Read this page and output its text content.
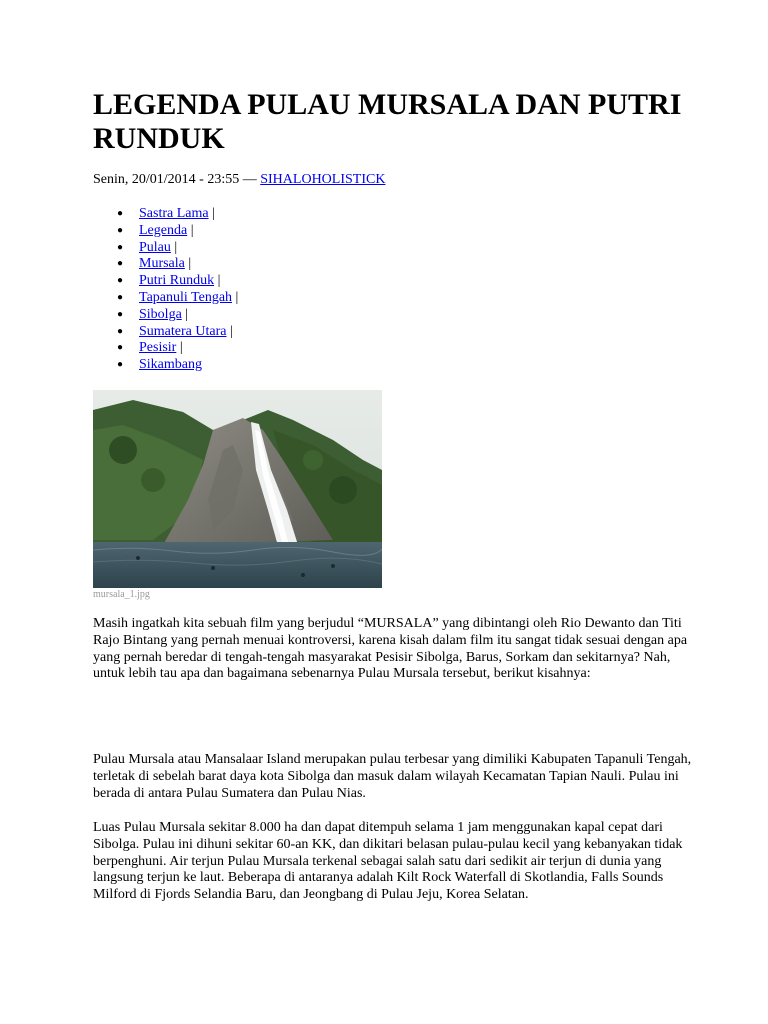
LEGENDA PULAU MURSALA DAN PUTRI RUNDUK
Senin, 20/01/2014 - 23:55 — SIHALOHOLISTICK
● Sastra Lama |
● Legenda |
● Pulau |
● Mursala |
● Putri Runduk |
● Tapanuli Tengah |
● Sibolga |
● Sumatera Utara |
● Pesisir |
● Sikambang
mursala_1.jpg

Masih ingatkah kita sebuah film yang berjudul “MURSALA” yang dibintangi oleh Rio Dewanto dan Titi Rajo Bintang yang pernah menuai kontroversi, karena kisah dalam film itu sangat tidak sesuai dengan apa yang pernah beredar di tengah-tengah masyarakat Pesisir Sibolga, Barus, Sorkam dan sekitarnya? Nah, untuk lebih tau apa dan bagaimana sebenarnya Pulau Mursala tersebut, berikut kisahnya:

Pulau Mursala atau Mansalaar Island merupakan pulau terbesar yang dimiliki Kabupaten Tapanuli Tengah, terletak di sebelah barat daya kota Sibolga dan masuk dalam wilayah Kecamatan Tapian Nauli. Pulau ini berada di antara Pulau Sumatera dan Pulau Nias.

Luas Pulau Mursala sekitar 8.000 ha dan dapat ditempuh selama 1 jam menggunakan kapal cepat dari Sibolga. Pulau ini dihuni sekitar 60-an KK, dan dikitari belasan pulau-pulau kecil yang kebanyakan tidak berpenghuni. Air terjun Pulau Mursala terkenal sebagai salah satu dari sedikit air terjun di dunia yang langsung terjun ke laut. Beberapa di antaranya adalah Kilt Rock Waterfall di Skotlandia, Falls Sounds Milford di Fjords Selandia Baru, dan Jeongbang di Pulau Jeju, Korea Selatan.
